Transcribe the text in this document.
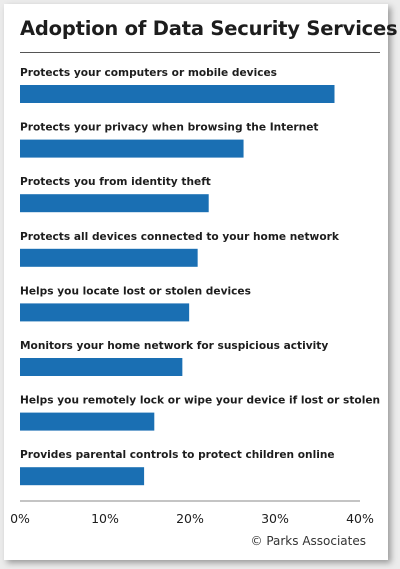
Adoption of Data Security Services
Protects your computers or mobile devices
Protects your privacy when browsing the Internet
Protects you from identity theft
Protects all devices connected to your home network
Helps you locate lost or stolen devices
Monitors your home network for suspicious activity
Helps you remotely lock or wipe your device if lost or stolen
Provides parental controls to protect children online
0%	10%	20%	30%	40%
© Parks Associates
